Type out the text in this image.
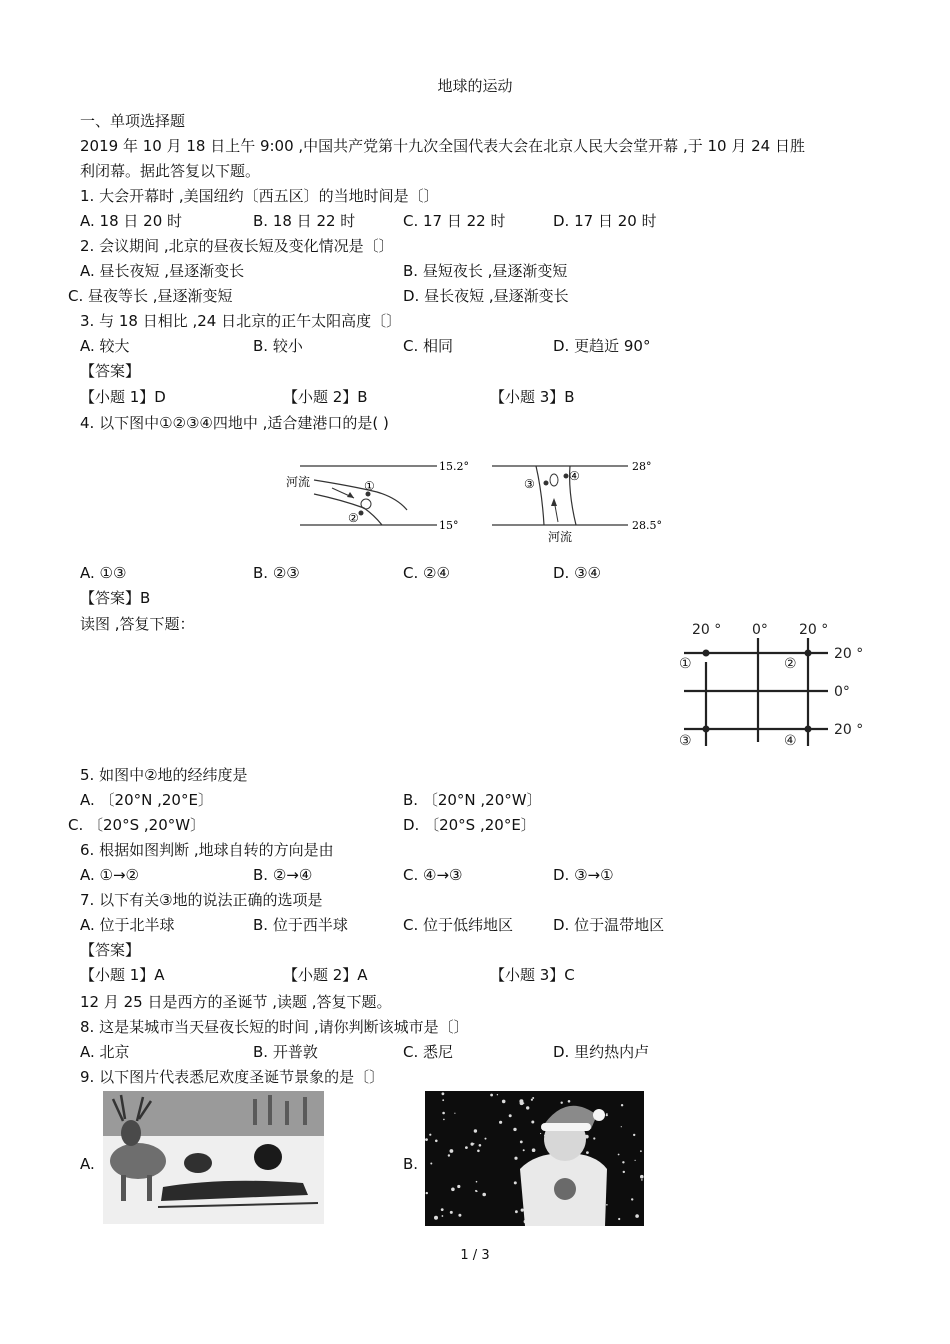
地球的运动
一、单项选择题
2019 年 10 月 18 日上午 9:00 ,中国共产党第十九次全国代表大会在北京人民大会堂开幕 ,于 10 月 24 日胜
利闭幕。据此答复以下题。
1. 大会开幕时 ,美国纽约〔西五区〕的当地时间是〔〕
A. 18 日 20 时	B. 18 日 22 时	C. 17 日 22 时	D. 17 日 20 时
2. 会议期间 ,北京的昼夜长短及变化情况是〔〕
A. 昼长夜短 ,昼逐渐变长	B. 昼短夜长 ,昼逐渐变短
C. 昼夜等长 ,昼逐渐变短	D. 昼长夜短 ,昼逐渐变长
3. 与 18 日相比 ,24 日北京的正午太阳高度〔〕
A. 较大	B. 较小	C. 相同	D. 更趋近 90°
【答案】
【小题 1】D	【小题 2】B	【小题 3】B
4. 以下图中①②③④四地中 ,适合建港口的是( )
河流	①
②
15.2°
15°
③
④
河流
28°
28.5°
A. ①③	B. ②③	C. ②④	D. ③④
【答案】B
读图 ,答复下题：	20 ° 0° 20 °
20 °
0°
20 °
①	②
③	④
5. 如图中②地的经纬度是
A. 〔20°N ,20°E〕	B. 〔20°N ,20°W〕
C. 〔20°S ,20°W〕	D. 〔20°S ,20°E〕
6. 根据如图判断 ,地球自转的方向是由
A. ①→②	B. ②→④	C. ④→③	D. ③→①
7. 以下有关③地的说法正确的选项是
A. 位于北半球	B. 位于西半球	C. 位于低纬地区	D. 位于温带地区
【答案】
【小题 1】A	【小题 2】A	【小题 3】C
12 月 25 日是西方的圣诞节 ,读题 ,答复下题。
8. 这是某城市当天昼夜长短的时间 ,请你判断该城市是〔〕
A. 北京	B. 开普敦	C. 悉尼	D. 里约热内卢
9. 以下图片代表悉尼欢度圣诞节景象的是〔〕
A.	B.
1 / 3
